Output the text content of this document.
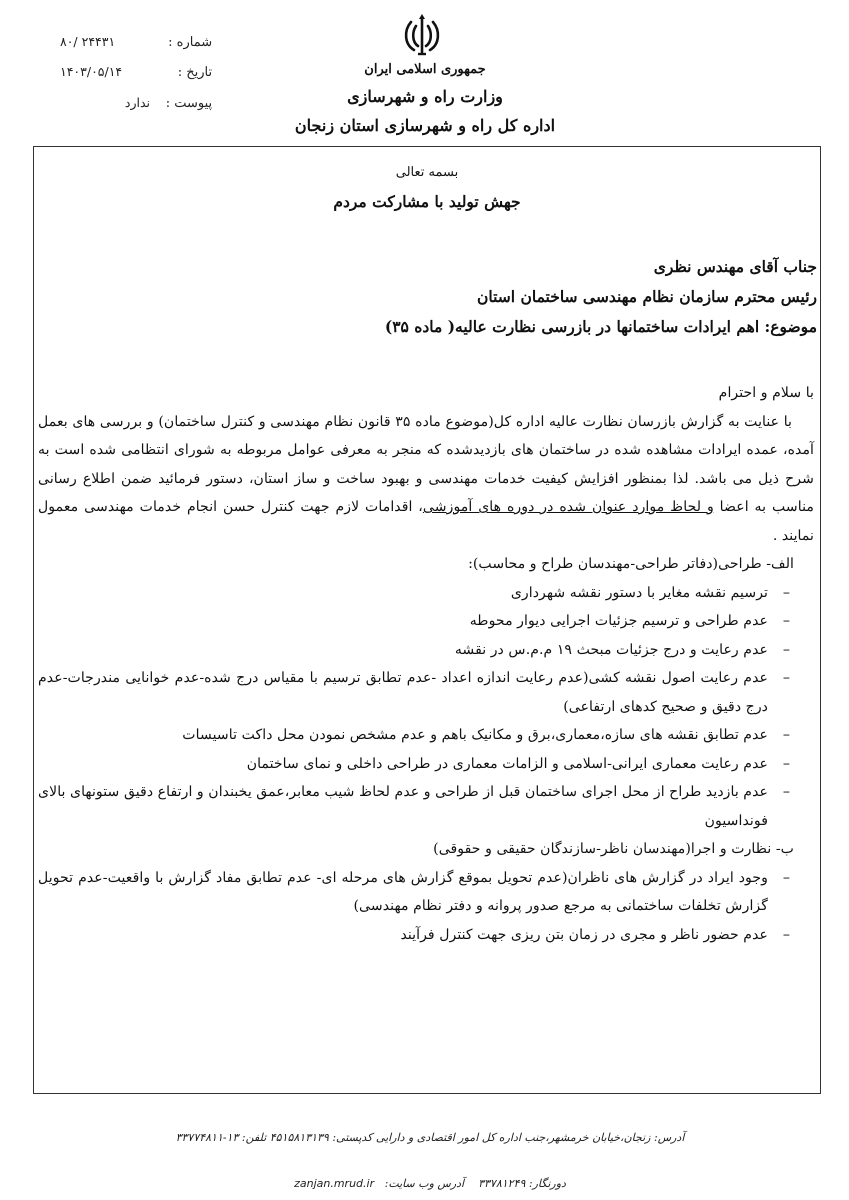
شماره : ۸۰/ ۲۴۴۳۱
تاریخ : ۱۴۰۳/۰۵/۱۴
پیوست : ندارد
جمهوری اسلامی ایران
وزارت راه و شهرسازی
اداره کل راه و شهرسازی استان زنجان
بسمه تعالی
جهش تولید با مشارکت مردم
جناب آقای مهندس نظری
رئیس محترم سازمان نظام مهندسی ساختمان استان
موضوع: اهم ایرادات ساختمانها در بازرسی نظارت عالیه( ماده ۳۵)

با سلام و احترام

با عنایت به گزارش بازرسان نظارت عالیه اداره کل(موضوع ماده ۳۵ قانون نظام مهندسی و کنترل ساختمان) و بررسی های بعمل آمده، عمده ایرادات مشاهده شده در ساختمان های بازدیدشده که منجر به معرفی عوامل مربوطه به شورای انتظامی شده است به شرح ذیل می باشد. لذا بمنظور افزایش کیفیت خدمات مهندسی و بهبود ساخت و ساز استان، دستور فرمائید ضمن اطلاع رسانی مناسب به اعضا و لحاظ موارد عنوان شده در دوره های آموزشی، اقدامات لازم جهت کنترل حسن انجام خدمات مهندسی معمول نمایند .

الف- طراحی(دفاتر طراحی-مهندسان طراح و محاسب):

–
ترسیم نقشه مغایر با دستور نقشه شهرداری

–
عدم طراحی و ترسیم جزئیات اجرایی دیوار محوطه

–
عدم رعایت و درج جزئیات مبحث ۱۹ م.م.س در نقشه

–
عدم رعایت اصول نقشه کشی(عدم رعایت اندازه اعداد -عدم تطابق ترسیم با مقیاس درج شده-عدم خوانایی مندرجات-عدم درج دقیق و صحیح کدهای ارتفاعی)

–
عدم تطابق نقشه های سازه،معماری،برق و مکانیک باهم و عدم مشخص نمودن محل داکت تاسیسات

–
عدم رعایت معماری ایرانی-اسلامی و الزامات معماری در طراحی داخلی و نمای ساختمان

–
عدم بازدید طراح از محل اجرای ساختمان قبل از طراحی و عدم لحاظ شیب معابر،عمق یخبندان و ارتفاع دقیق ستونهای بالای فونداسیون

ب- نظارت و اجرا(مهندسان ناظر-سازندگان حقیقی و حقوقی)

–
وجود ایراد در گزارش های ناظران(عدم تحویل بموقع گزارش های مرحله ای- عدم تطابق مفاد گزارش با واقعیت-عدم تحویل گزارش تخلفات ساختمانی به مرجع صدور پروانه و دفتر نظام مهندسی)

–
عدم حضور ناظر و مجری در زمان بتن ریزی جهت کنترل فرآیند

آدرس: زنجان،خیابان خرمشهر،جنب اداره کل امور اقتصادی و دارایی کدپستی: ۴۵۱۵۸۱۳۱۳۹ تلفن: ۱۳-۳۳۷۷۴۸۱۱
دورنگار: ۳۳۷۸۱۲۴۹    آدرس وب سایت:   zanjan.mrud.ir
